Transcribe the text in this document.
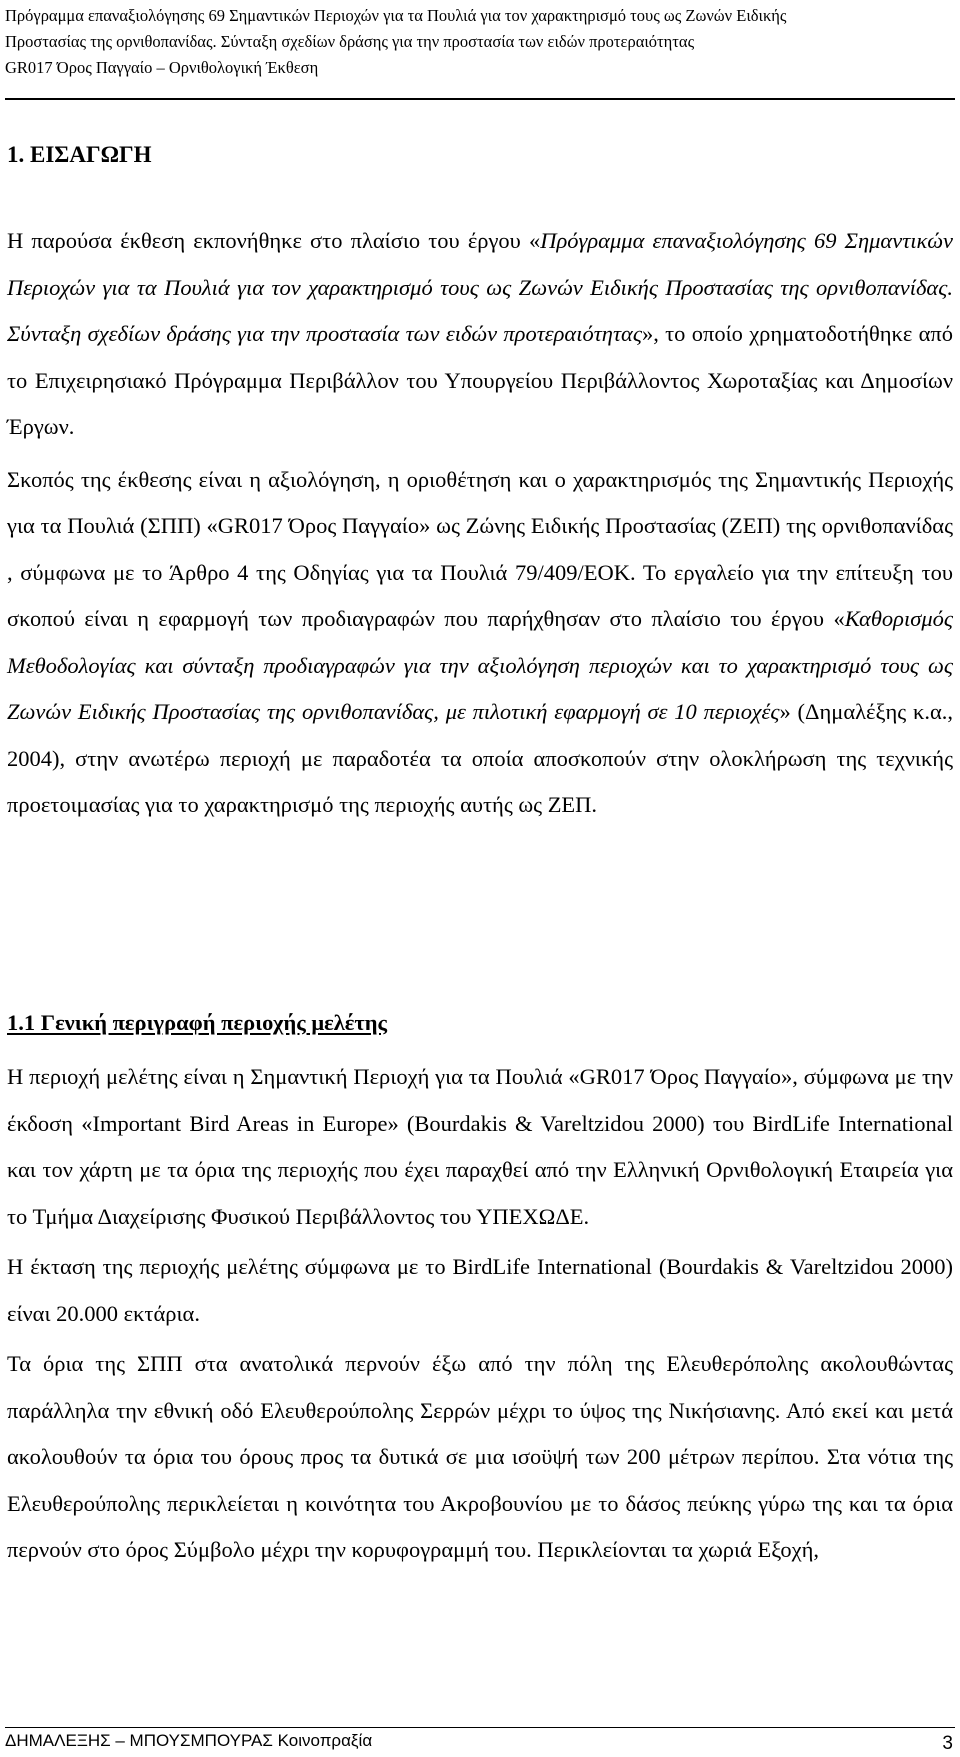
Πρόγραμμα επαναξιολόγησης 69 Σημαντικών Περιοχών για τα Πουλιά για τον χαρακτηρισμό τους ως Ζωνών Ειδικής
Προστασίας της ορνιθοπανίδας. Σύνταξη σχεδίων δράσης για την προστασία των ειδών προτεραιότητας
GR017 Όρος Παγγαίο – Ορνιθολογική Έκθεση
1. ΕΙΣΑΓΩΓΗ

Η παρούσα έκθεση εκπονήθηκε στο πλαίσιο του έργου «Πρόγραμμα επαναξιολόγησης 69 Σημαντικών Περιοχών για τα Πουλιά για τον χαρακτηρισμό τους ως Ζωνών Ειδικής Προστασίας της ορνιθοπανίδας. Σύνταξη σχεδίων δράσης για την προστασία των ειδών προτεραιότητας», το οποίο χρηματοδοτήθηκε από το Επιχειρησιακό Πρόγραμμα Περιβάλλον του Υπουργείου Περιβάλλοντος Χωροταξίας και Δημοσίων Έργων.

Σκοπός της έκθεσης είναι η αξιολόγηση, η οριοθέτηση και ο χαρακτηρισμός της Σημαντικής Περιοχής για τα Πουλιά (ΣΠΠ) «GR017 Όρος Παγγαίο» ως Ζώνης Ειδικής Προστασίας (ΖΕΠ) της ορνιθοπανίδας , σύμφωνα με το Άρθρο 4 της Οδηγίας για τα Πουλιά 79/409/ΕΟΚ. Το εργαλείο για την επίτευξη του σκοπού είναι η εφαρμογή των προδιαγραφών που παρήχθησαν στο πλαίσιο του έργου «Καθορισμός Μεθοδολογίας και σύνταξη προδιαγραφών για την αξιολόγηση περιοχών και το χαρακτηρισμό τους ως Ζωνών Ειδικής Προστασίας της ορνιθοπανίδας, με πιλοτική εφαρμογή σε 10 περιοχές» (Δημαλέξης κ.α., 2004), στην ανωτέρω περιοχή με παραδοτέα τα οποία αποσκοπούν στην ολοκλήρωση της τεχνικής προετοιμασίας για το χαρακτηρισμό της περιοχής αυτής ως ΖΕΠ.

1.1 Γενική περιγραφή περιοχής μελέτης

Η περιοχή μελέτης είναι η Σημαντική Περιοχή για τα Πουλιά «GR017 Όρος Παγγαίο», σύμφωνα με την έκδοση «Important Bird Areas in Europe» (Bourdakis & Vareltzidou 2000) του BirdLife International και τον χάρτη με τα όρια της περιοχής που έχει παραχθεί από την Ελληνική Ορνιθολογική Εταιρεία για το Τμήμα Διαχείρισης Φυσικού Περιβάλλοντος του ΥΠΕΧΩΔΕ.

Η έκταση της περιοχής μελέτης σύμφωνα με το BirdLife International (Bourdakis & Vareltzidou 2000) είναι 20.000 εκτάρια.

Τα όρια της ΣΠΠ στα ανατολικά περνούν έξω από την πόλη της Ελευθερόπολης ακολουθώντας παράλληλα την εθνική οδό Ελευθερούπολης Σερρών μέχρι το ύψος της Νικήσιανης. Από εκεί και μετά ακολουθούν τα όρια του όρους προς τα δυτικά σε μια ισοϋψή των 200 μέτρων περίπου. Στα νότια της Ελευθερούπολης περικλείεται η κοινότητα του Ακροβουνίου με το δάσος πεύκης γύρω της και τα όρια περνούν στο όρος Σύμβολο μέχρι την κορυφογραμμή του. Περικλείονται τα χωριά Εξοχή,

ΔΗΜΑΛΕΞΗΣ – ΜΠΟΥΣΜΠΟΥΡΑΣ Κοινοπραξία	3
